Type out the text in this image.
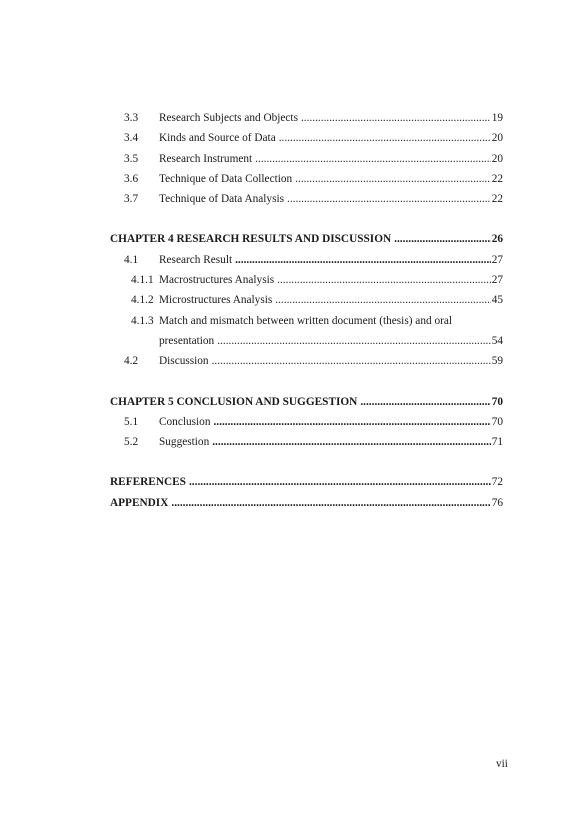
3.3 Research Subjects and Objects	19
.....
3.4 Kinds and Source of Data	20
.....
3.5 Research Instrument	20
.....
3.6 Technique of Data Collection	22
.....
3.7 Technique of Data Analysis	22
.....
CHAPTER 4 RESEARCH RESULTS AND DISCUSSION	26
.....
4.1 Research Result	27
.....
4.1.1 Macrostructures Analysis	27
.....
4.1.2 Microstructures Analysis	45
.....
4.1.3 Match and mismatch between written document (thesis) and oral
presentation	54
.....
4.2 Discussion	59
.....
CHAPTER 5 CONCLUSION AND SUGGESTION	70
.....
5.1 Conclusion	70
.....
5.2 Suggestion	71
.....
REFERENCES	72
.....
APPENDIX	76
.....
vii
